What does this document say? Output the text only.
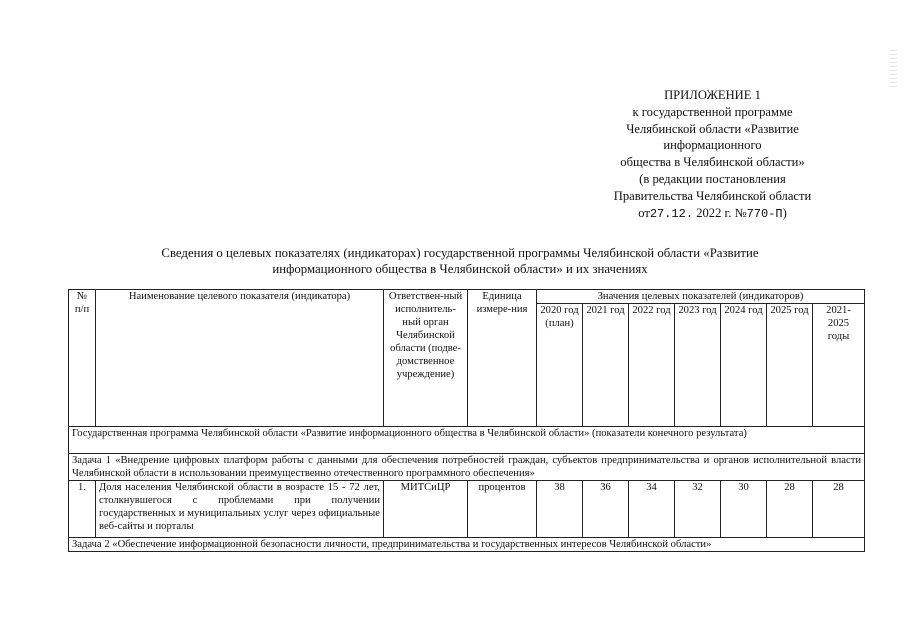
ПРИЛОЖЕНИЕ 1
к государственной программе
Челябинской области «Развитие
информационного
общества в Челябинской области»
(в редакции постановления
Правительства Челябинской области
от27.12. 2022 г. №770-П)
Сведения о целевых показателях (индикаторах) государственной программы Челябинской области «Развитие
информационного общества в Челябинской области» и их значениях
№ п/п	Наименование целевого показателя (индикатора)	Ответствен-ный исполнитель-ный орган Челябинской области (подве-домственное учреждение)	Единица измере-ния	Значения целевых показателей (индикаторов)						
				2020 год (план)	2021 год	2022 год	2023 год	2024 год	2025 год	2021-2025 годы
Государственная программа Челябинской области «Развитие информационного общества в Челябинской области» (показатели конечного результата)										
Задача 1 «Внедрение цифровых платформ работы с данными для обеспечения потребностей граждан, субъектов предпринимательства и органов исполнительной власти Челябинской области в использовании преимущественно отечественного программного обеспечения»										
1.	Доля населения Челябинской области в возрасте 15 - 72 лет, столкнувшегося с проблемами при получении государственных и муниципальных услуг через официальные веб-сайты и порталы	МИТСиЦР	процентов	38	36	34	32	30	28	28
Задача 2 «Обеспечение информационной безопасности личности, предпринимательства и государственных интересов Челябинской области»										
